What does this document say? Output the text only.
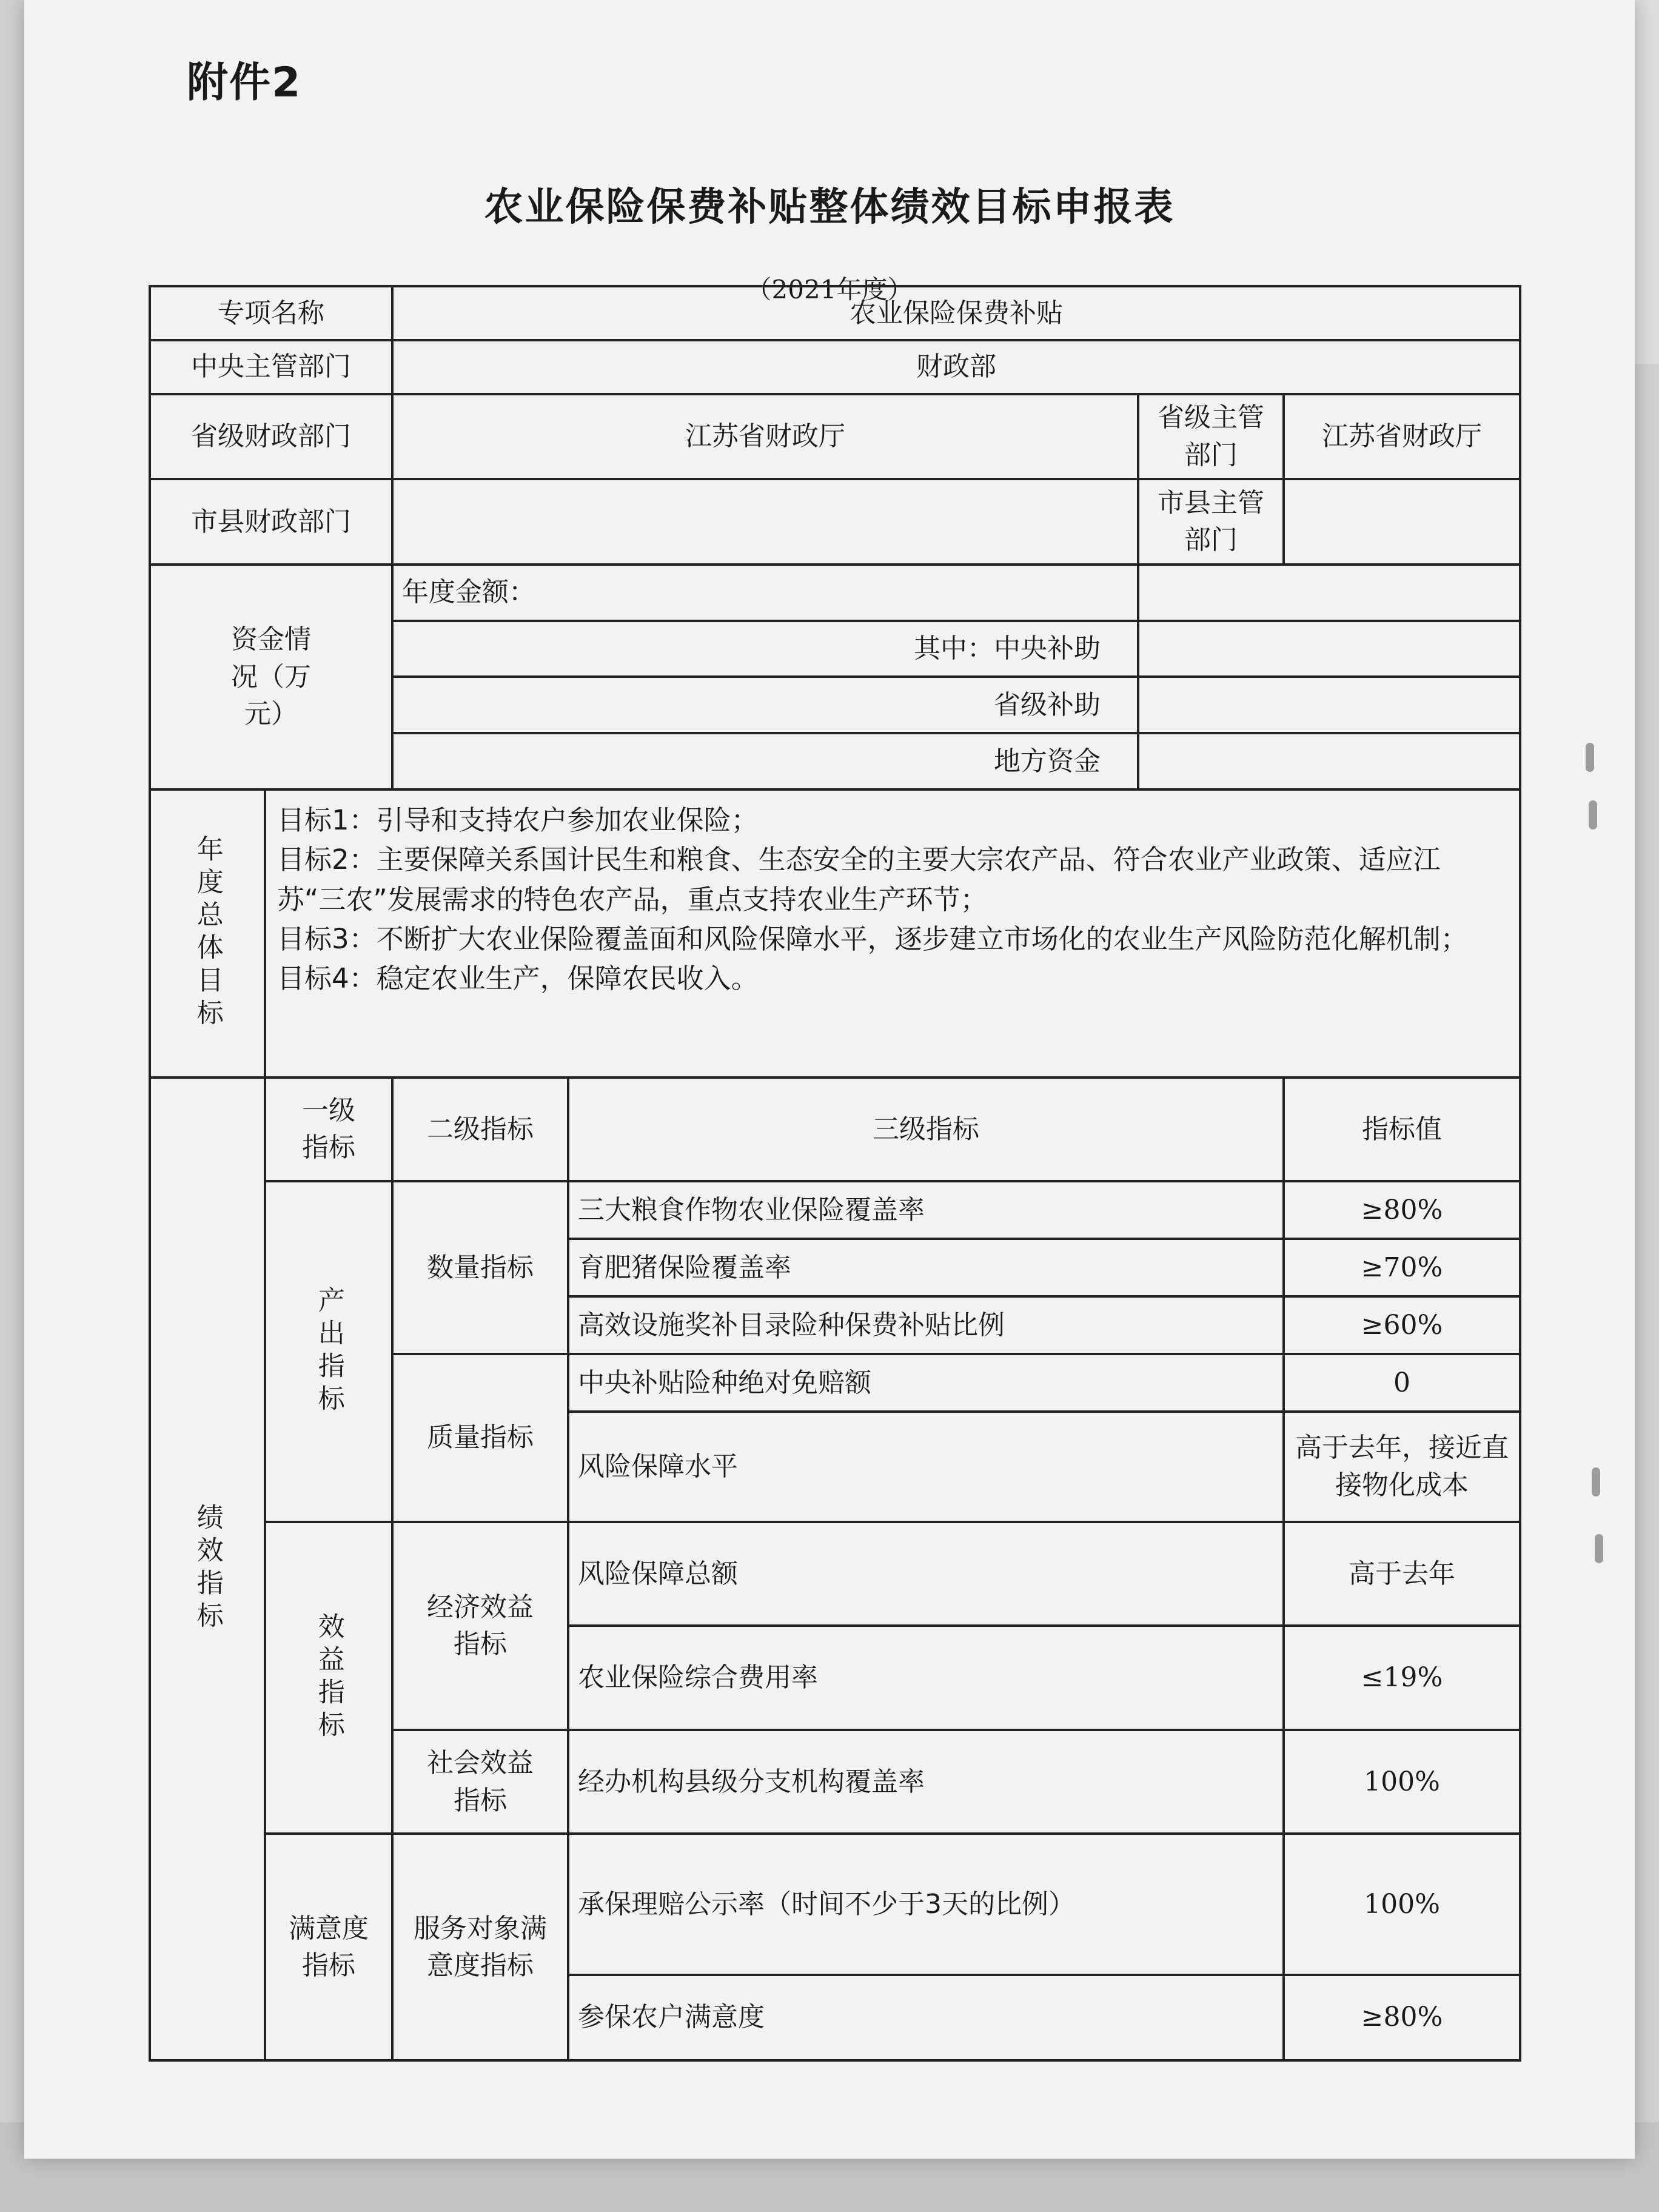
附件2
农业保险保费补贴整体绩效目标申报表
（2021年度）
专项名称		农业保险保费补贴			
中央主管部门		财政部			
省级财政部门		江苏省财政厅		省级主管部门	江苏省财政厅
市县财政部门				市县主管部门	
资金情况（万元）		年度金额：			
		其中：中央补助			
		省级补助			
		地方资金			

年度总体目标	目标1：引导和支持农户参加农业保险；
目标2：主要保障关系国计民生和粮食、生态安全的主要大宗农产品、符合农业产业政策、适应江苏“三农”发展需求的特色农产品，重点支持农业生产环节；
目标3：不断扩大农业保险覆盖面和风险保障水平，逐步建立市场化的农业生产风险防范化解机制；
目标4：稳定农业生产，保障农民收入。				

绩效指标	一级指标	二级指标	三级指标		指标值

	产出指标	数量指标	三大粮食作物农业保险覆盖率		≥80%
			育肥猪保险覆盖率		≥70%
			高效设施奖补目录险种保费补贴比例		≥60%
		质量指标	中央补贴险种绝对免赔额		0
			风险保障水平		高于去年，接近直接物化成本

	效益指标	经济效益指标	风险保障总额		高于去年
			农业保险综合费用率		≤19%
		社会效益指标	经办机构县级分支机构覆盖率		100%
	满意度指标	服务对象满意度指标	承保理赔公示率（时间不少于3天的比例）		100%
			参保农户满意度		≥80%
